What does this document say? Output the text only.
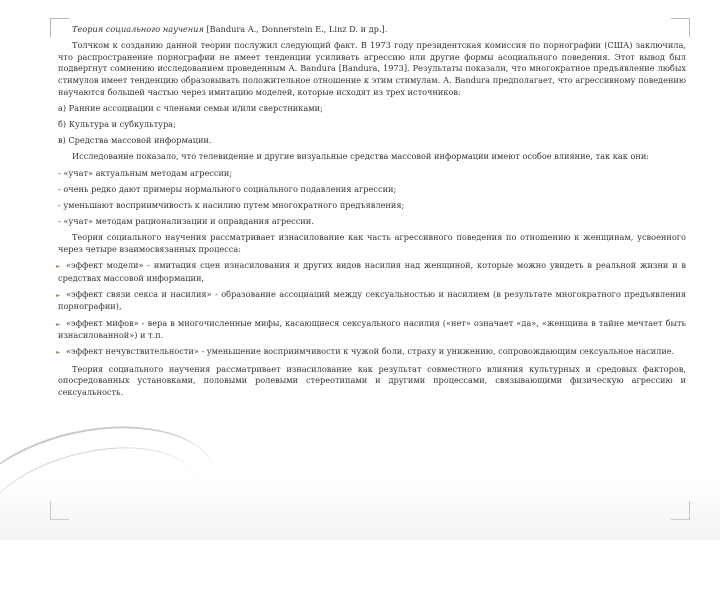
Теория социального научения [Bandura A., Donnerstein E., Linz D. и др.].

Толчком к созданию данной теории послужил следующий факт. В 1973 году президентская комиссия по порнографии (США) заключила, что распространение порнографии не имеет тенденции усиливать агрессию или другие формы асоциального поведения. Этот вывод был подвергнут сомнению исследованием проведенным А. Bandura [Bandura, 1973]. Результаты показали, что многократное предъявление любых стимулов имеет тенденцию образовывать положительное отношение к этим стимулам. А. Bandura предполагает, что агрессивному поведению научаются большей частью через имитацию моделей, которые исходят из трех источников:

а) Ранние ассоциации с членами семьи и/или сверстниками;

б) Культура и субкультура;

в) Средства массовой информации.

Исследование показало, что телевидение и другие визуальные средства массовой информации имеют особое влияние, так как они:

- «учат» актуальным методам агрессии;

- очень редко дают примеры нормального социального подавления агрессии;

- уменьшают восприимчивость к насилию путем многократного предъявления;

- «учат» методам рационализации и оправдания агрессии.

Теория социального научения рассматривает изнасилование как часть агрессивного поведения по отношению к женщинам, усвоенного через четыре взаимосвязанных процесса:

► «эффект модели» - имитация сцен изнасилования и других видов насилия над женщиной, которые можно увидеть в реальной жизни и в средствах массовой информации,

► «эффект связи секса и насилия» - образование ассоциаций между сексуальностью и насилием (в результате многократного предъявления порнографии),

► «эффект мифов» - вера в многочисленные мифы, касающиеся сексуального насилия («нет» означает «да», «женщина в тайне мечтает быть изнасилованной») и т.п.

► «эффект нечувствительности» - уменьшение восприимчивости к чужой боли, страху и унижению, сопровождающим сексуальное насилие.

Теория социального научения рассматривает изнасилование как результат совместного влияния культурных и средовых факторов, опосредованных установками, половыми ролевыми стереотипами и другими процессами, связывающими физическую агрессию и сексуальность.
